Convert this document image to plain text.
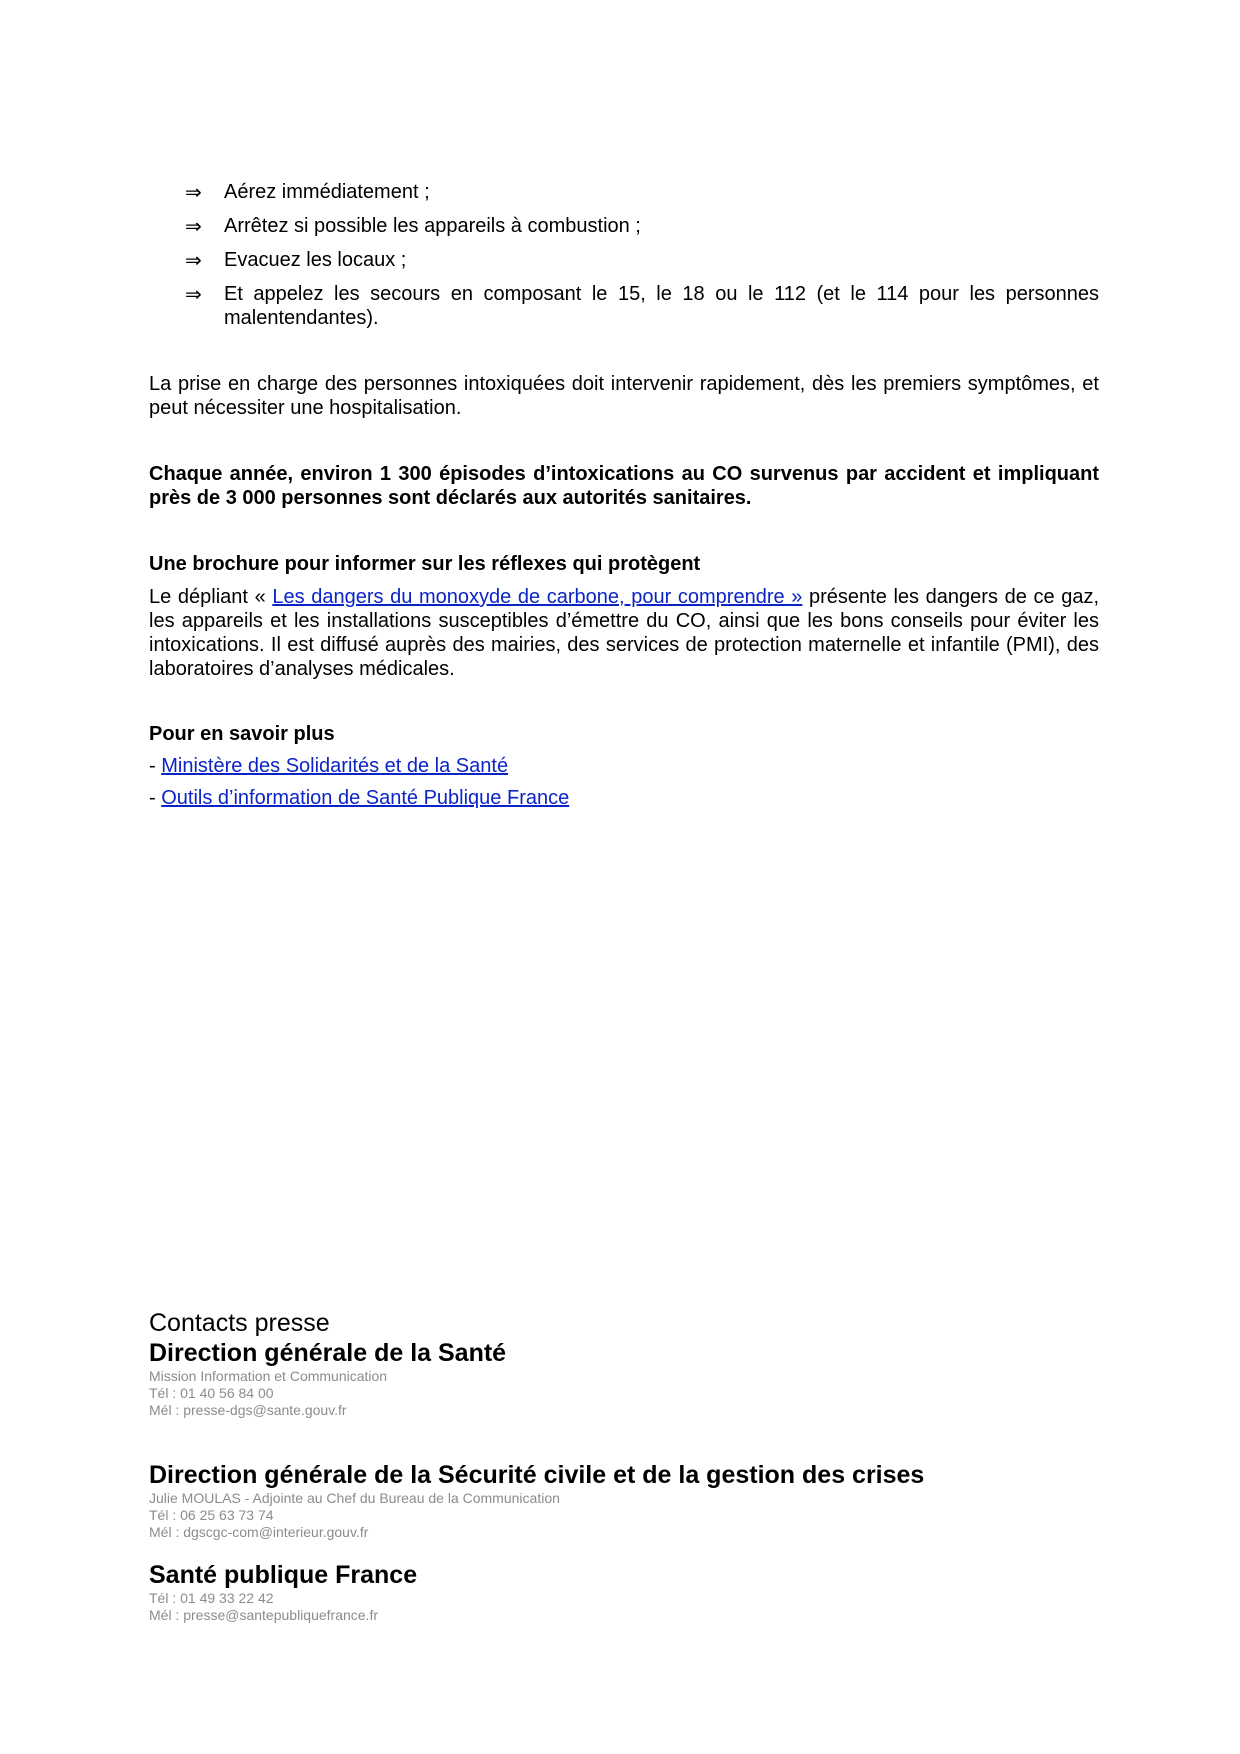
⇒	Aérez immédiatement ;
⇒	Arrêtez si possible les appareils à combustion ;
⇒	Evacuez les locaux ;
⇒	Et appelez les secours en composant le 15, le 18 ou le 112 (et le 114 pour les personnes malentendantes).

La prise en charge des personnes intoxiquées doit intervenir rapidement, dès les premiers symptômes, et peut nécessiter une hospitalisation.

Chaque année, environ 1 300 épisodes d’intoxications au CO survenus par accident et impliquant près de 3 000 personnes sont déclarés aux autorités sanitaires.

Une brochure pour informer sur les réflexes qui protègent

Le dépliant « Les dangers du monoxyde de carbone, pour comprendre » présente les dangers de ce gaz, les appareils et les installations susceptibles d’émettre du CO, ainsi que les bons conseils pour éviter les intoxications. Il est diffusé auprès des mairies, des services de protection maternelle et infantile (PMI), des laboratoires d’analyses médicales.

Pour en savoir plus
- Ministère des Solidarités et de la Santé
- Outils d’information de Santé Publique France
Contacts presse
Direction générale de la Santé
Mission Information et Communication
Tél : 01 40 56 84 00
Mél : presse-dgs@sante.gouv.fr
Direction générale de la Sécurité civile et de la gestion des crises
Julie MOULAS - Adjointe au Chef du Bureau de la Communication
Tél : 06 25 63 73 74
Mél : dgscgc-com@interieur.gouv.fr
Santé publique France
Tél : 01 49 33 22 42
Mél : presse@santepubliquefrance.fr
